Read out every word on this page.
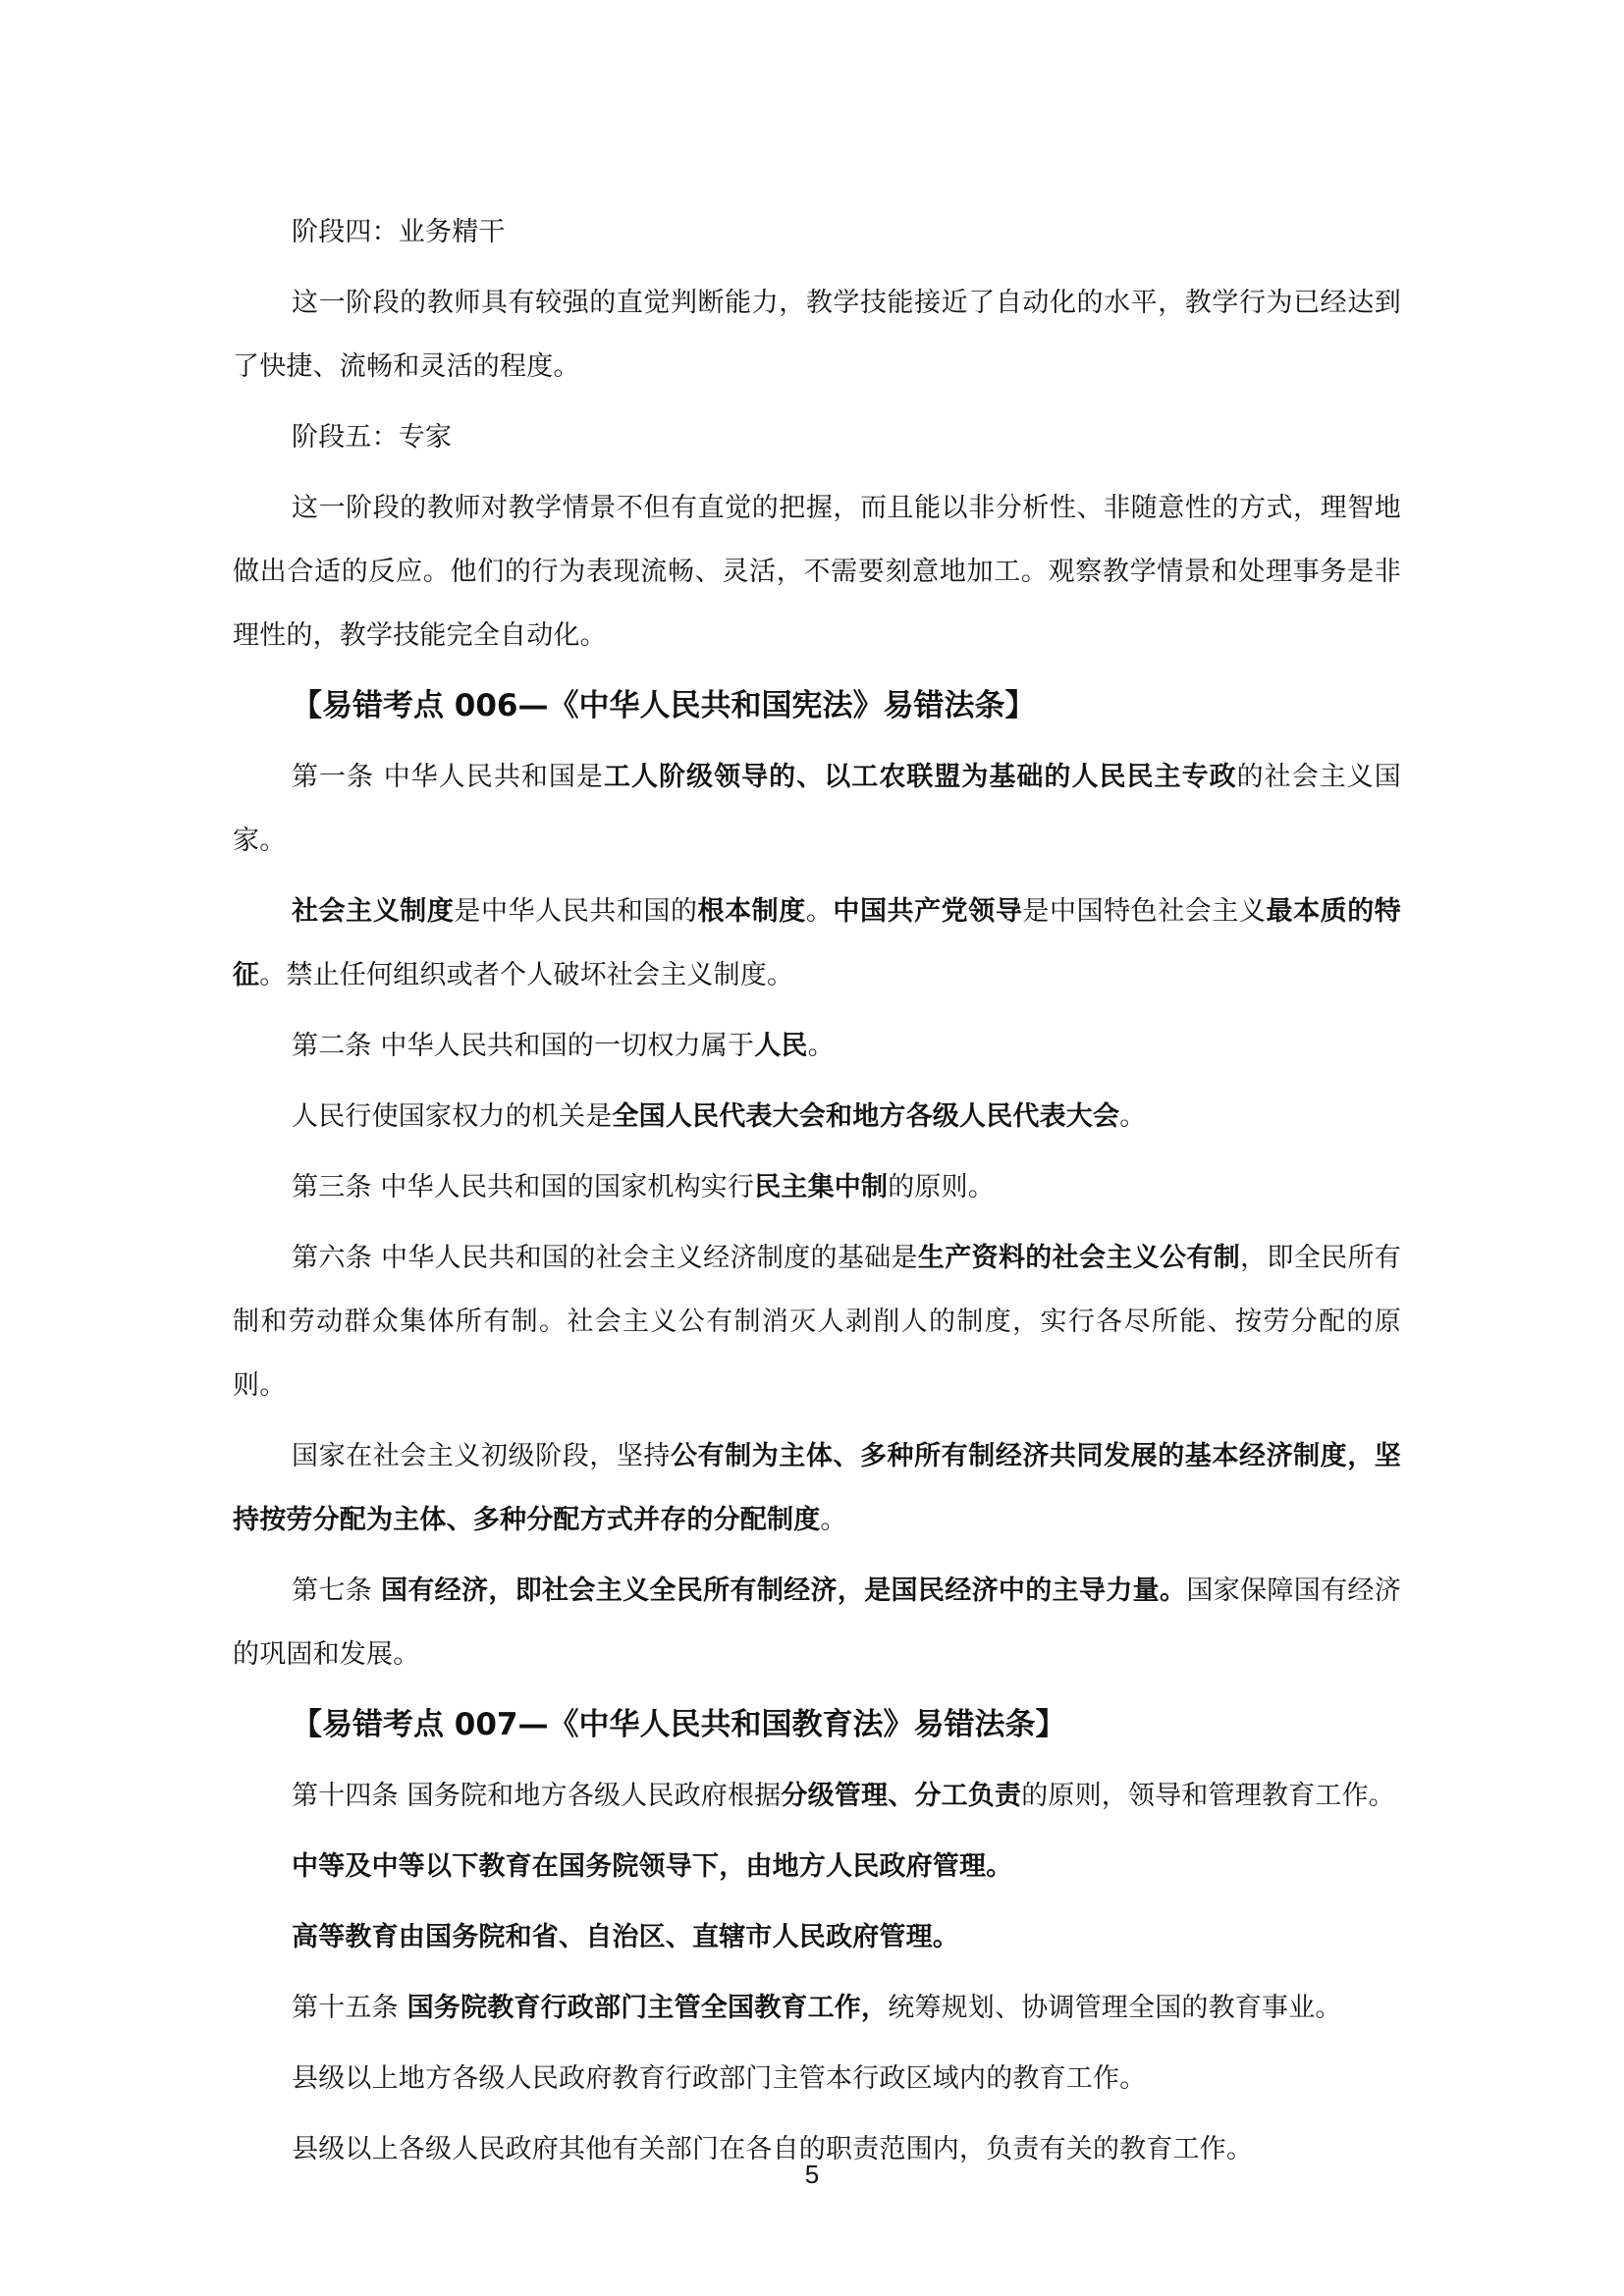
阶段四：业务精干

这一阶段的教师具有较强的直觉判断能力，教学技能接近了自动化的水平，教学行为已经达到了快捷、流畅和灵活的程度。

阶段五：专家

这一阶段的教师对教学情景不但有直觉的把握，而且能以非分析性、非随意性的方式，理智地做出合适的反应。他们的行为表现流畅、灵活，不需要刻意地加工。观察教学情景和处理事务是非理性的，教学技能完全自动化。

【易错考点 006—《中华人民共和国宪法》易错法条】

第一条 中华人民共和国是工人阶级领导的、以工农联盟为基础的人民民主专政的社会主义国家。

社会主义制度是中华人民共和国的根本制度。中国共产党领导是中国特色社会主义最本质的特征。禁止任何组织或者个人破坏社会主义制度。

第二条 中华人民共和国的一切权力属于人民。

人民行使国家权力的机关是全国人民代表大会和地方各级人民代表大会。

第三条 中华人民共和国的国家机构实行民主集中制的原则。

第六条 中华人民共和国的社会主义经济制度的基础是生产资料的社会主义公有制，即全民所有制和劳动群众集体所有制。社会主义公有制消灭人剥削人的制度，实行各尽所能、按劳分配的原则。

国家在社会主义初级阶段，坚持公有制为主体、多种所有制经济共同发展的基本经济制度，坚持按劳分配为主体、多种分配方式并存的分配制度。

第七条 国有经济，即社会主义全民所有制经济，是国民经济中的主导力量。国家保障国有经济的巩固和发展。

【易错考点 007—《中华人民共和国教育法》易错法条】

第十四条 国务院和地方各级人民政府根据分级管理、分工负责的原则，领导和管理教育工作。

中等及中等以下教育在国务院领导下，由地方人民政府管理。

高等教育由国务院和省、自治区、直辖市人民政府管理。

第十五条 国务院教育行政部门主管全国教育工作，统筹规划、协调管理全国的教育事业。

县级以上地方各级人民政府教育行政部门主管本行政区域内的教育工作。

县级以上各级人民政府其他有关部门在各自的职责范围内，负责有关的教育工作。

5
